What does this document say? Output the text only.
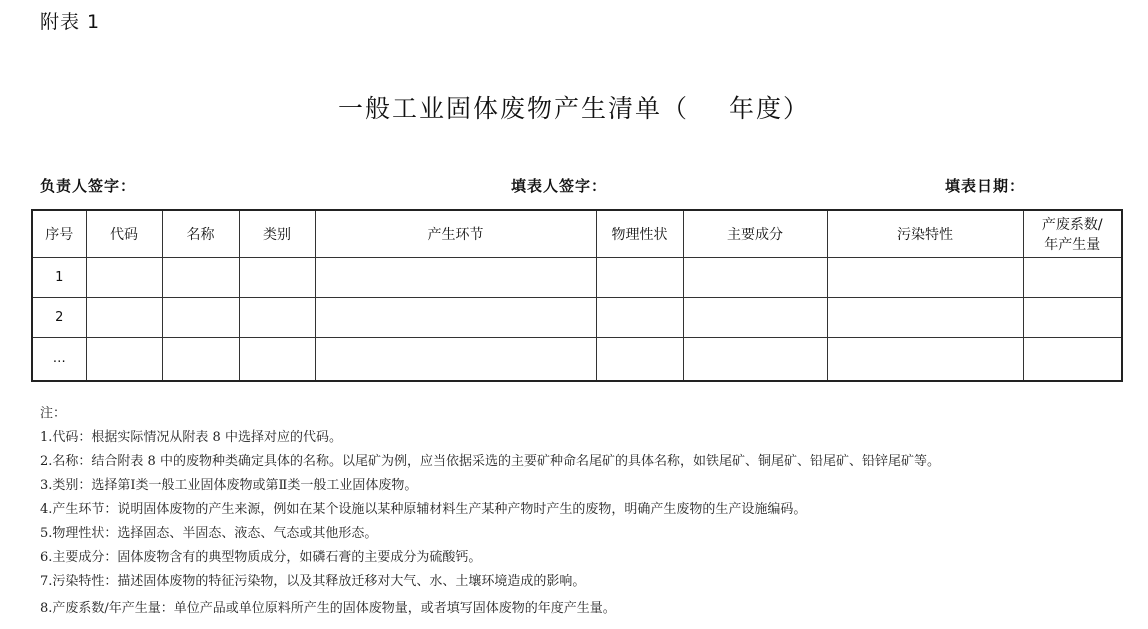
附表 1
一般工业固体废物产生清单（ 年度）
负责人签字：	填表人签字：	填表日期：
序号	代码	名称	类别	产生环节	物理性状	主要成分	污染特性	产废系数/
年产生量

1								
2								
…								
注：
1.代码：根据实际情况从附表 8 中选择对应的代码。
2.名称：结合附表 8 中的废物种类确定具体的名称。以尾矿为例，应当依据采选的主要矿种命名尾矿的具体名称，如铁尾矿、铜尾矿、铅尾矿、铅锌尾矿等。
3.类别：选择第Ⅰ类一般工业固体废物或第Ⅱ类一般工业固体废物。
4.产生环节：说明固体废物的产生来源，例如在某个设施以某种原辅材料生产某种产物时产生的废物，明确产生废物的生产设施编码。
5.物理性状：选择固态、半固态、液态、气态或其他形态。
6.主要成分：固体废物含有的典型物质成分，如磷石膏的主要成分为硫酸钙。
7.污染特性：描述固体废物的特征污染物，以及其释放迁移对大气、水、土壤环境造成的影响。
8.产废系数/年产生量：单位产品或单位原料所产生的固体废物量，或者填写固体废物的年度产生量。
